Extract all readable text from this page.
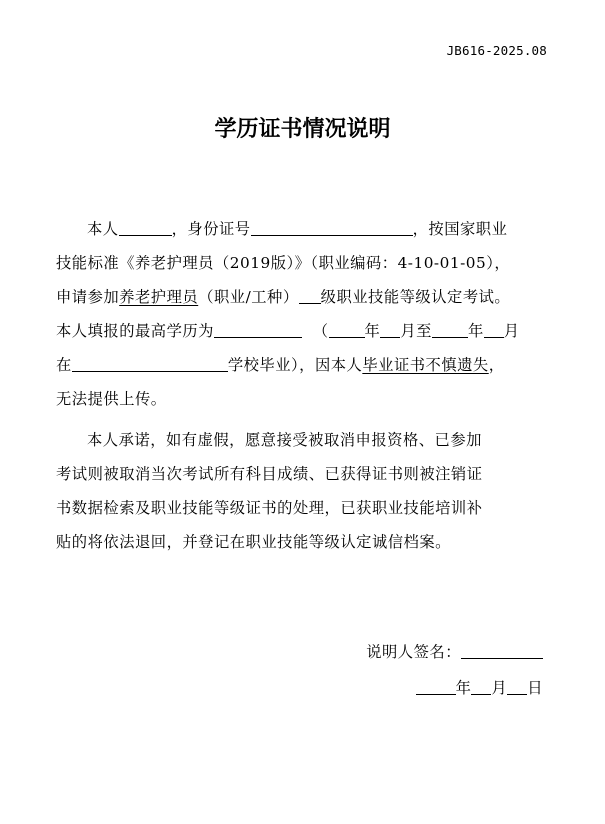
JB616-2025.08
学历证书情况说明
本人	，身份证号	，按国家职业
技能标准《养老护理员（2019版）》（职业编码：4-10-01-05），
申请参加养老护理员（职业/工种） 级职业技能等级认定考试。
本人填报的最高学历为	（ 年 月至 年 月
在	学校毕业），因本人毕业证书不慎遗失，
无法提供上传。
本人承诺，如有虚假，愿意接受被取消申报资格、已参加
考试则被取消当次考试所有科目成绩、已获得证书则被注销证
书数据检索及职业技能等级证书的处理，已获职业技能培训补
贴的将依法退回，并登记在职业技能等级认定诚信档案。
说明人签名：
年 月 日
